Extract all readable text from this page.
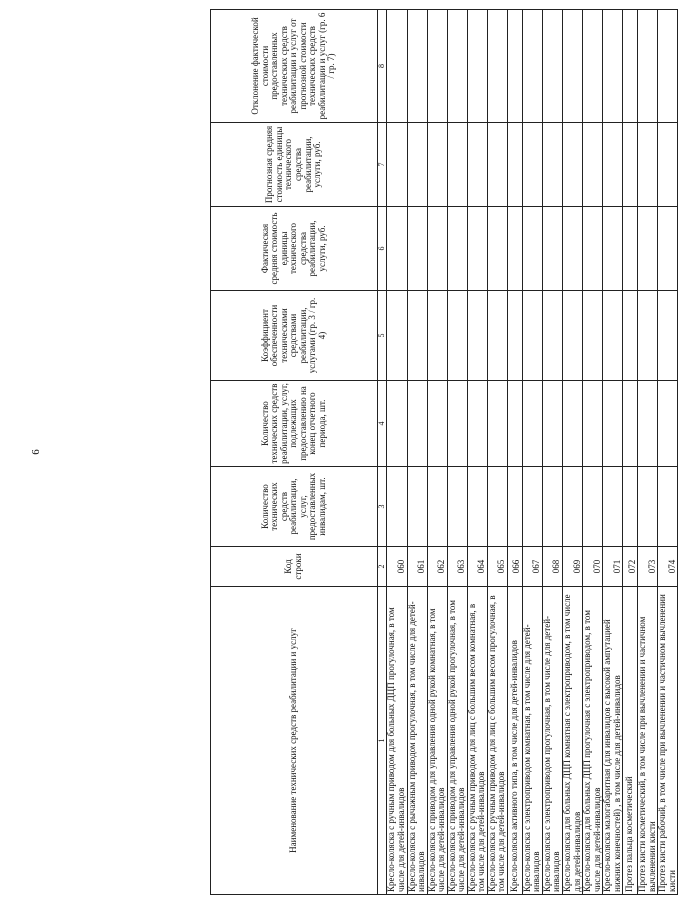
6
Наименование технических средств реабилитации и услуг	Код строки	Количество технических средств реабилитации, услуг, предоставленных инвалидам, шт.	Количество технических средств реабилитации, услуг, подлежащих предоставлению на конец отчетного периода, шт.	Коэффициент обеспеченности техническими средствами реабилитации, услугами (гр. 3 / гр. 4)	Фактическая средняя стоимость единицы технического средства реабилитации, услуги, руб.	Прогнозная средняя стоимость единицы технического средства реабилитации, услуги, руб.	Отклонение фактической стоимости предоставленных технических средств реабилитации и услуг от прогнозной стоимости технических средств реабилитации и услуг (гр. 6 / гр. 7)
1	2	3	4	5	6	7	8
Кресло-коляска с ручным приводом для больных ДЦП прогулочная, в том числе для детей-инвалидов	060						
Кресло-коляска с рычажным приводом прогулочная, в том числе для детей-инвалидов	061						
Кресло-коляска с приводом для управления одной рукой комнатная, в том числе для детей-инвалидов	062						
Кресло-коляска с приводом для управления одной рукой прогулочная, в том числе для детей-инвалидов	063						
Кресло-коляска с ручным приводом для лиц с большим весом комнатная, в том числе для детей-инвалидов	064						
Кресло-коляска с ручным приводом для лиц с большим весом прогулочная, в том числе для детей-инвалидов	065						
Кресло-коляска активного типа, в том числе для детей-инвалидов	066						
Кресло-коляска с электроприводом комнатная, в том числе для детей-инвалидов	067						
Кресло-коляска с электроприводом прогулочная, в том числе для детей-инвалидов	068						
Кресло-коляска для больных ДЦП комнатная с электроприводом, в том числе для детей-инвалидов	069						
Кресло-коляска для больных ДЦП прогулочная с электроприводом, в том числе для детей-инвалидов	070						
Кресло-коляска малогабаритная (для инвалидов с высокой ампутацией нижних конечностей) , в том числе для детей-инвалидов	071						
Протез пальца косметический	072						
Протез кисти косметический, в том числе при вычленении и частичном вычленении кисти	073						
Протез кисти рабочий, в том числе при вычленении и частичном вычленении кисти	074						
